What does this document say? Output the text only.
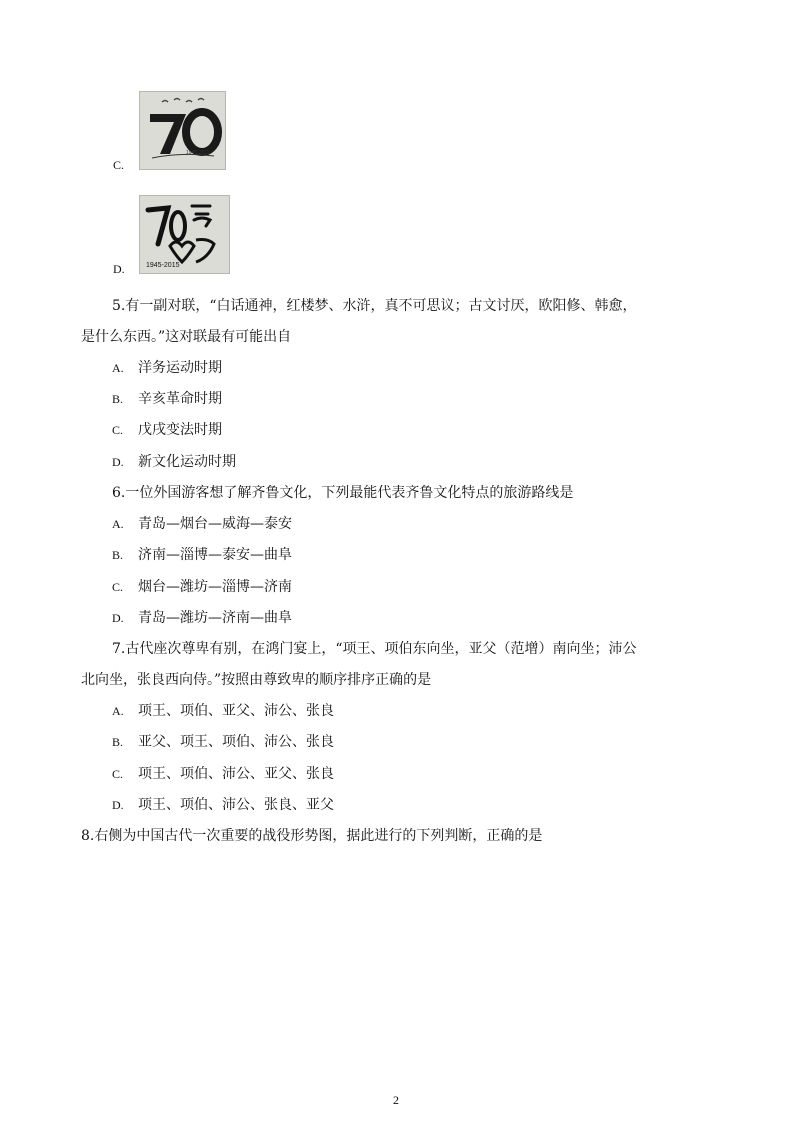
C.
1945-2015
D.	1945-2015
5.有一副对联，“白话通神，红楼梦、水浒，真不可思议；古文讨厌，欧阳修、韩愈，
是什么东西。”这对联最有可能出自
A. 洋务运动时期
B. 辛亥革命时期
C. 戊戌变法时期
D. 新文化运动时期
6.一位外国游客想了解齐鲁文化，下列最能代表齐鲁文化特点的旅游路线是
A. 青岛—烟台—威海—泰安
B. 济南—淄博—泰安—曲阜
C. 烟台—潍坊—淄博—济南
D. 青岛—潍坊—济南—曲阜
7.古代座次尊卑有别，在鸿门宴上，“项王、项伯东向坐，亚父（范增）南向坐；沛公
北向坐，张良西向侍。”按照由尊致卑的顺序排序正确的是
A. 项王、项伯、亚父、沛公、张良
B. 亚父、项王、项伯、沛公、张良
C. 项王、项伯、沛公、亚父、张良
D. 项王、项伯、沛公、张良、亚父
8.右侧为中国古代一次重要的战役形势图，据此进行的下列判断，正确的是
2
